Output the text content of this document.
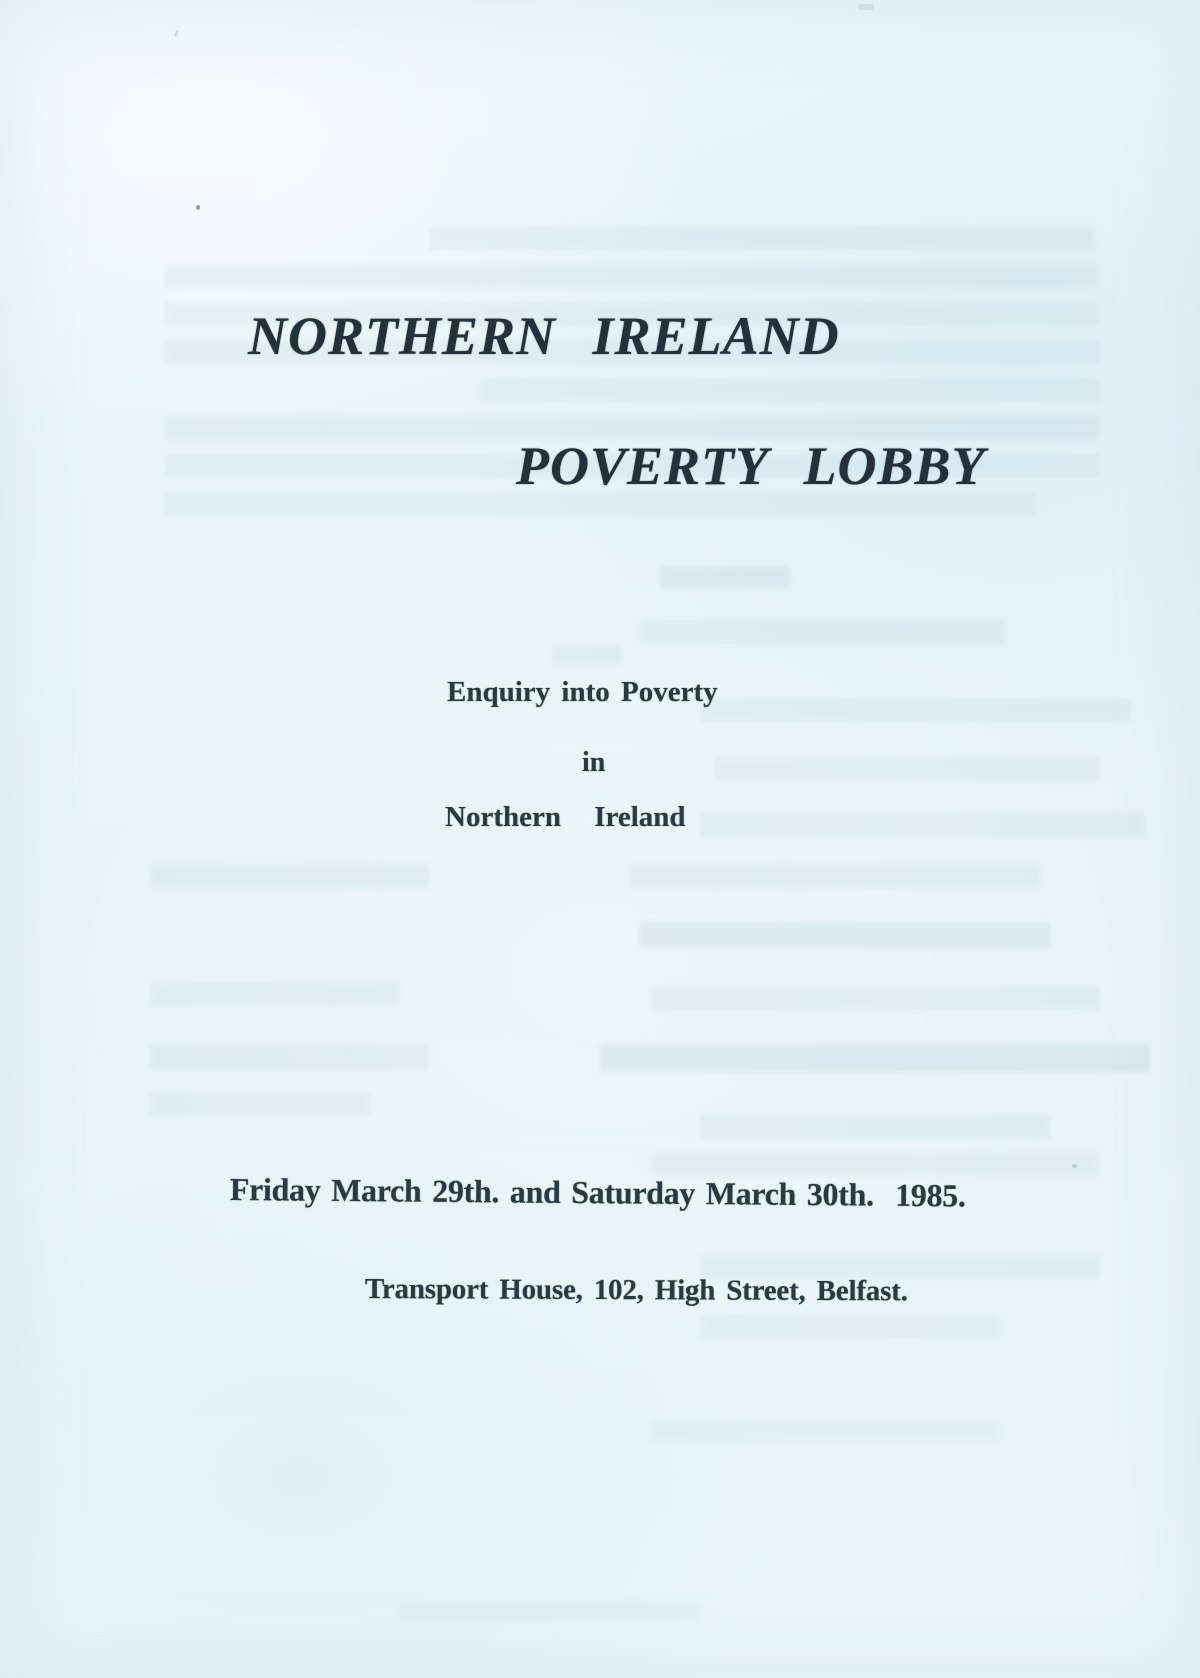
NORTHERN IRELAND
POVERTY LOBBY
Enquiry into Poverty
in
Northern Ireland
Friday March 29th. and Saturday March 30th.  1985.
Transport House, 102, High Street, Belfast.
